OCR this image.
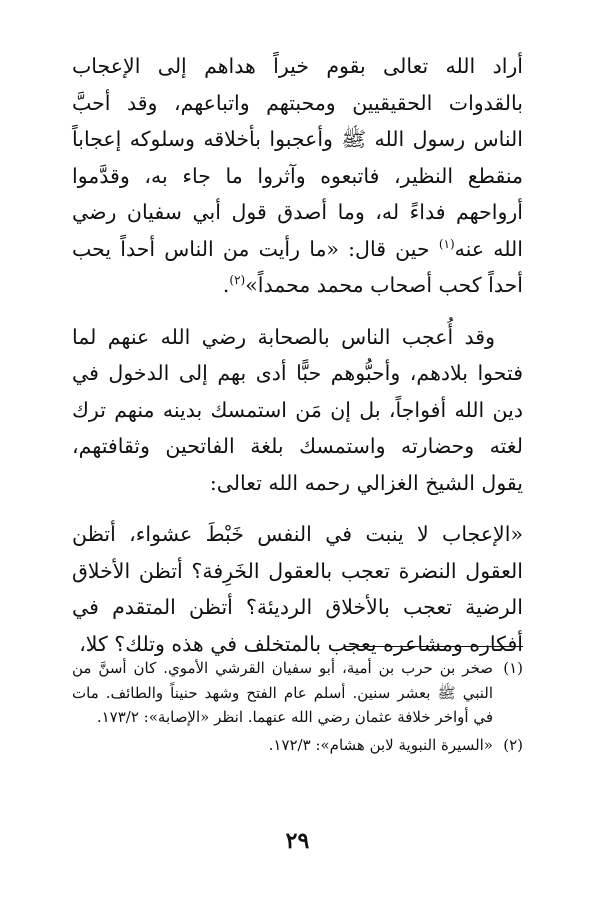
أراد الله تعالى بقوم خيراً هداهم إلى الإعجاب بالقدوات الحقيقيين ومحبتهم واتباعهم، وقد أحبَّ الناس رسول الله ﷺ وأعجبوا بأخلاقه وسلوكه إعجاباً منقطع النظير، فاتبعوه وآثروا ما جاء به، وقدَّموا أرواحهم فداءً له، وما أصدق قول أبي سفيان رضي الله عنه$^{(١)}$ حين قال: «ما رأيت من الناس أحداً يحب أحداً كحب أصحاب محمد محمداً»$^{(٢)}$.

وقد أُعجب الناس بالصحابة رضي الله عنهم لما فتحوا بلادهم، وأحبُّوهم حبًّا أدى بهم إلى الدخول في دين الله أفواجاً، بل إن مَن استمسك بدينه منهم ترك لغته وحضارته واستمسك بلغة الفاتحين وثقافتهم، يقول الشيخ الغزالي رحمه الله تعالى:

«الإعجاب لا ينبت في النفس خَبْطَ عشواء، أتظن العقول النضرة تعجب بالعقول الخَرِفة؟ أتظن الأخلاق الرضية تعجب بالأخلاق الرديئة؟ أتظن المتقدم في أفكاره ومشاعره يعجب بالمتخلف في هذه وتلك؟ كلا،

(١)
صخر بن حرب بن أمية، أبو سفيان القرشي الأموي. كان أسنَّ من النبي ﷺ بعشر سنين. أسلم عام الفتح وشهد حنيناً والطائف. مات في أواخر خلافة عثمان رضي الله عنهما. انظر «الإصابة»: ١٧٣/٢.
(٢)
«السيرة النبوية لابن هشام»: ١٧٢/٣.
٢٩
